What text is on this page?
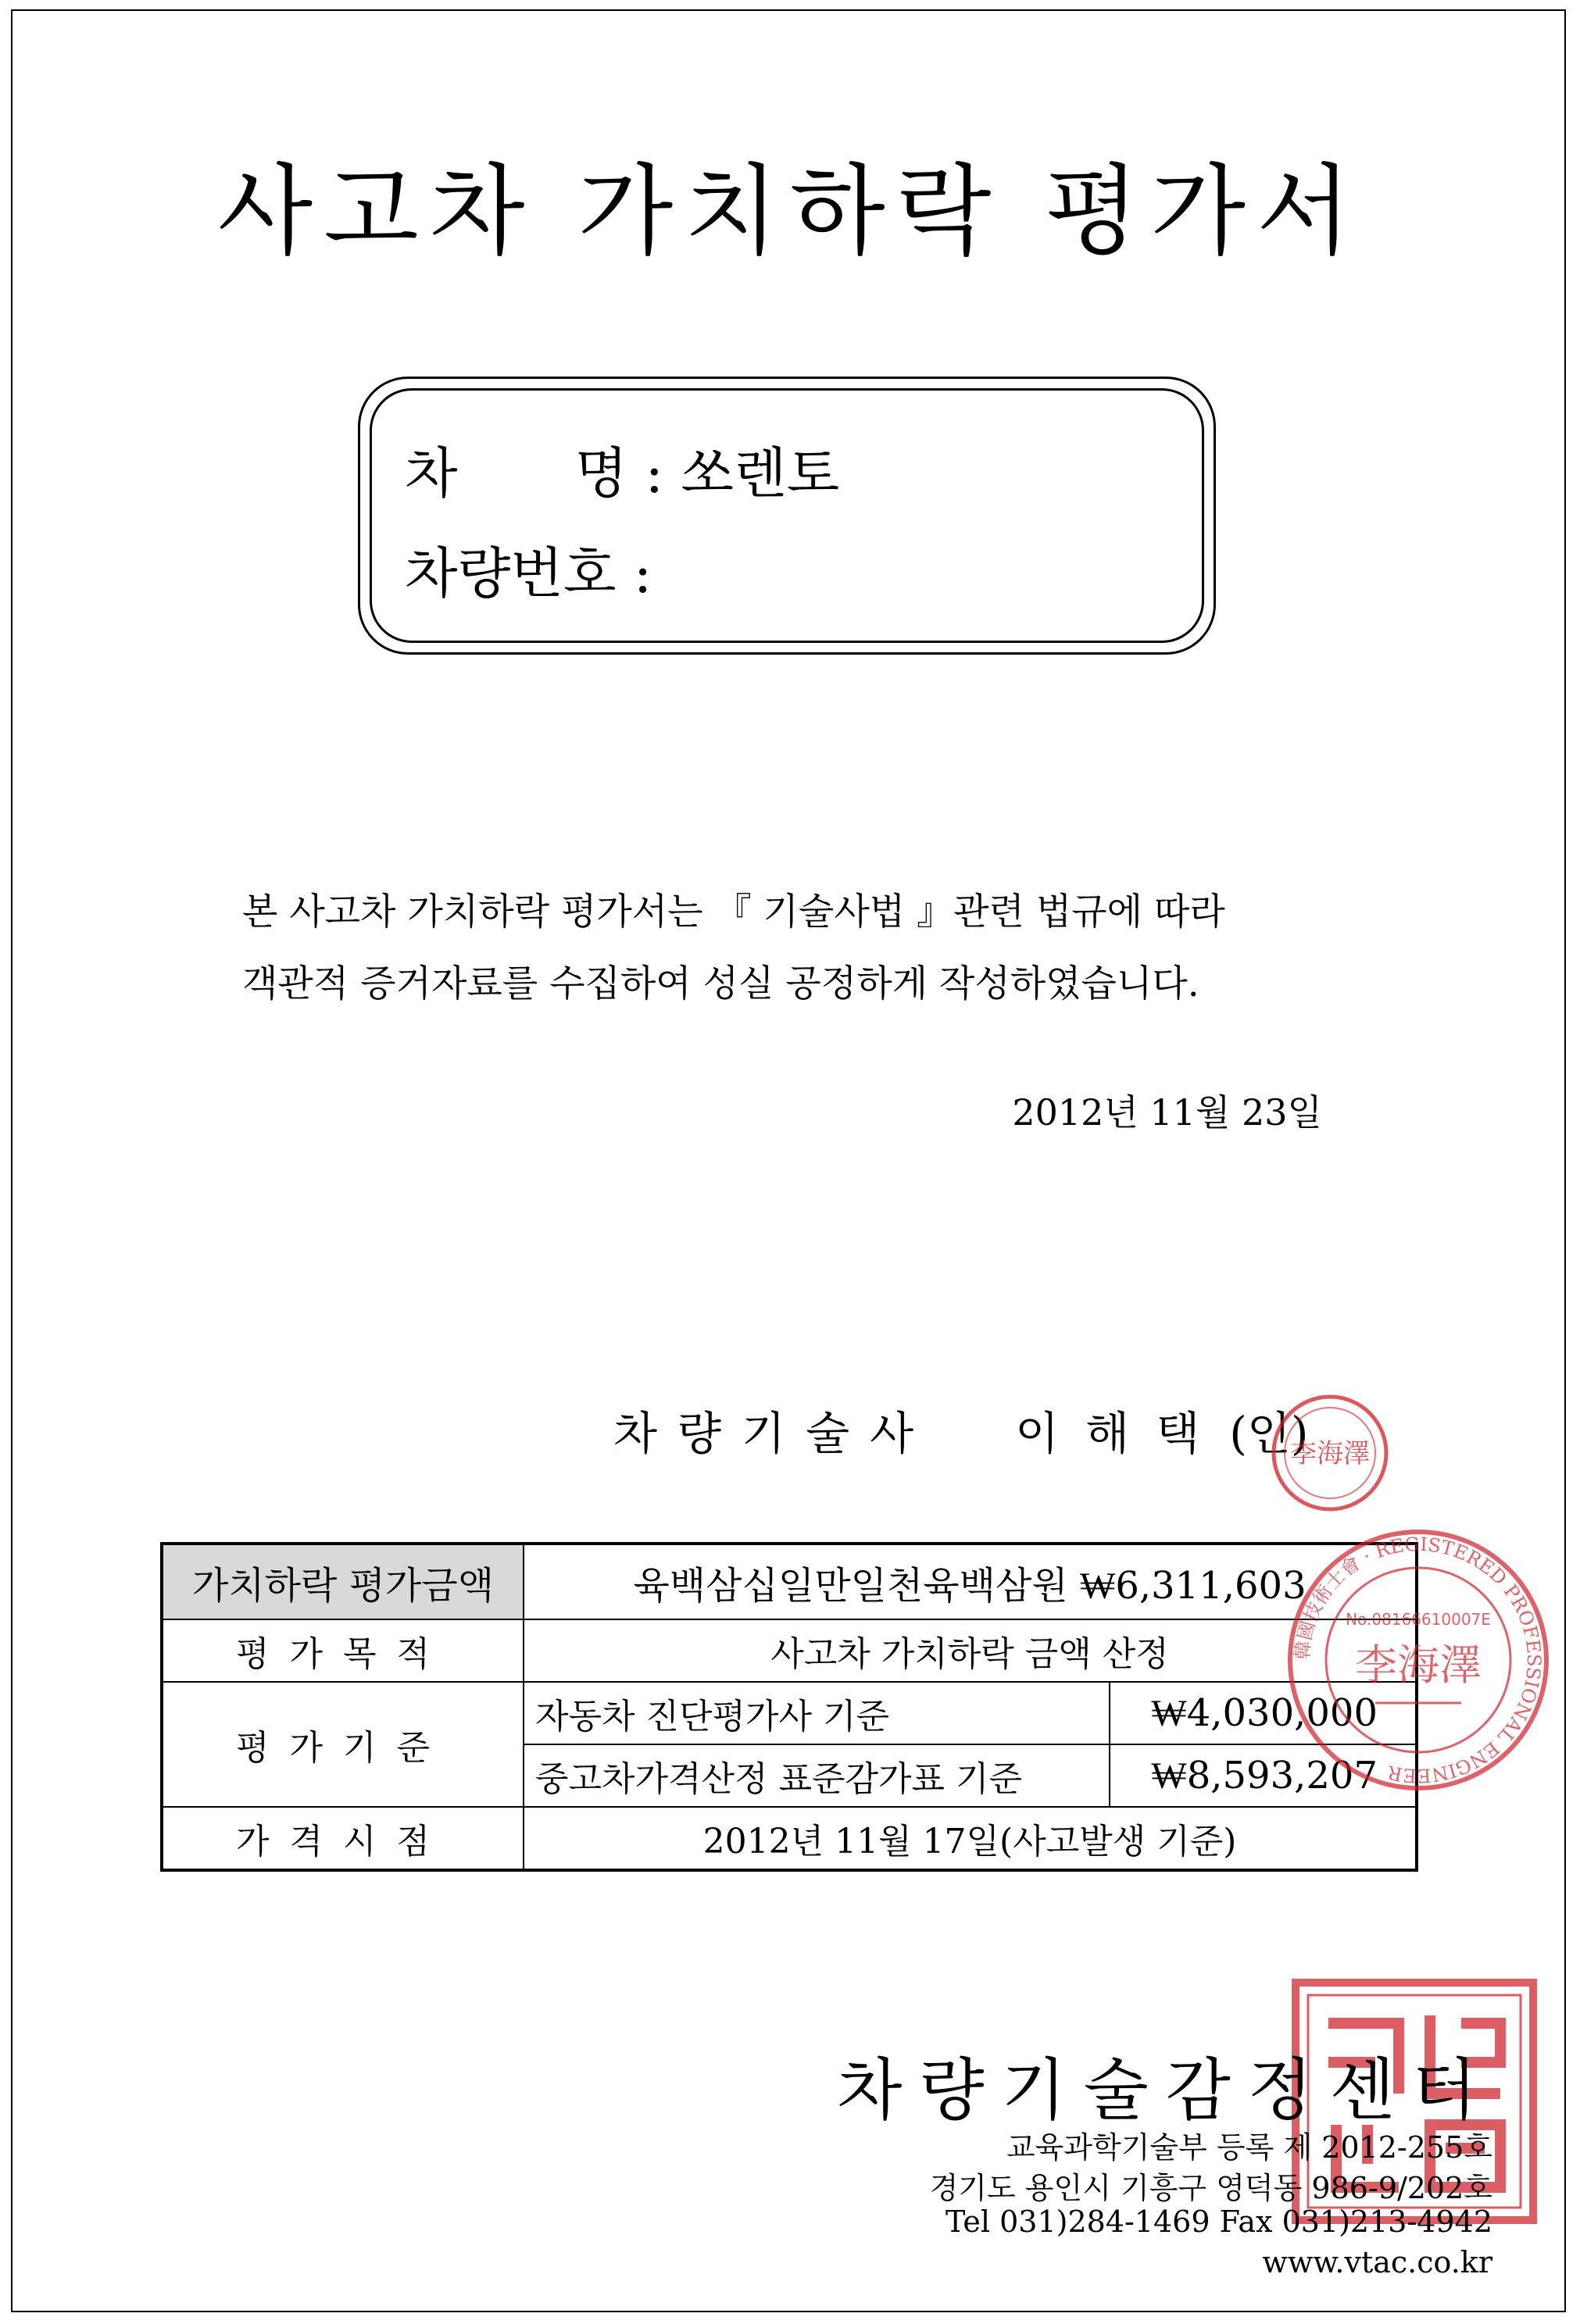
사고차 가치하락 평가서
차 명 : 쏘렌토
차량번호 :
본 사고차 가치하락 평가서는 『 기술사법 』관련 법규에 따라
객관적 증거자료를 수집하여 성실 공정하게 작성하였습니다.
2012년 11월 23일
차량기술사 이해택(인)
李海澤
가치하락 평가금액	육백삼십일만일천육백삼원 ₩6,311,603	
평가목적	사고차 가치하락 금액 산정	
평가기준	자동차 진단평가사 기준	₩4,030,000
	중고차가격산정 표준감가표 기준	₩8,593,207
가격시점	2012년 11월 17일(사고발생 기준)	
韓國技術士會 · REGISTERED PROFESSIONAL ENGINEER
No.08166610007E
李海澤
차량기술감정센터
교육과학기술부 등록 제 2012-255호
경기도 용인시 기흥구 영덕동 986-9/202호
Tel 031)284-1469 Fax 031)213-4942
www.vtac.co.kr
